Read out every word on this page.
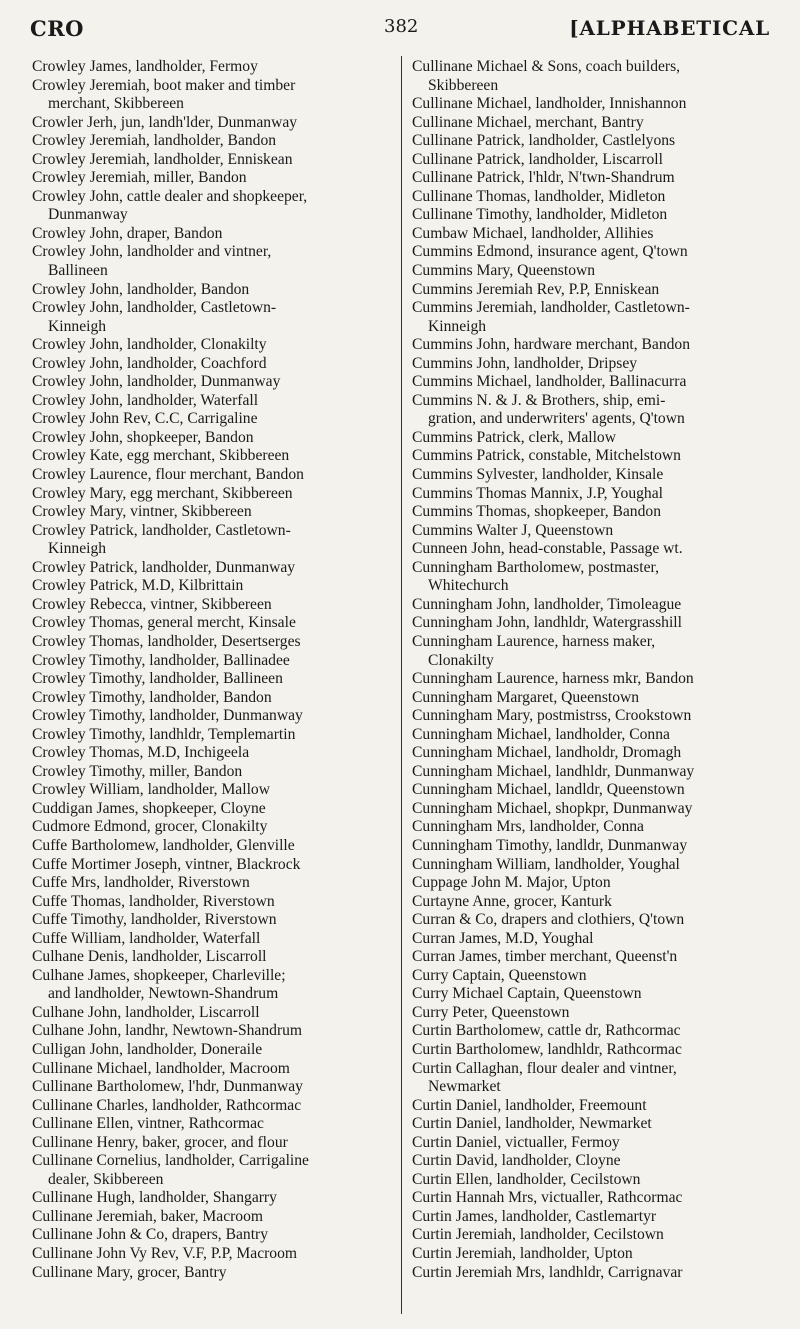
CRO	382	[ALPHABETICAL
Crowley James, landholder, Fermoy
Crowley Jeremiah, boot maker and timber
merchant, Skibbereen
Crowler Jerh, jun, landh'lder, Dunmanway
Crowley Jeremiah, landholder, Bandon
Crowley Jeremiah, landholder, Enniskean
Crowley Jeremiah, miller, Bandon
Crowley John, cattle dealer and shopkeeper,
Dunmanway
Crowley John, draper, Bandon
Crowley John, landholder and vintner,
Ballineen
Crowley John, landholder, Bandon
Crowley John, landholder, Castletown-
Kinneigh
Crowley John, landholder, Clonakilty
Crowley John, landholder, Coachford
Crowley John, landholder, Dunmanway
Crowley John, landholder, Waterfall
Crowley John Rev, C.C, Carrigaline
Crowley John, shopkeeper, Bandon
Crowley Kate, egg merchant, Skibbereen
Crowley Laurence, flour merchant, Bandon
Crowley Mary, egg merchant, Skibbereen
Crowley Mary, vintner, Skibbereen
Crowley Patrick, landholder, Castletown-
Kinneigh
Crowley Patrick, landholder, Dunmanway
Crowley Patrick, M.D, Kilbrittain
Crowley Rebecca, vintner, Skibbereen
Crowley Thomas, general mercht, Kinsale
Crowley Thomas, landholder, Desertserges
Crowley Timothy, landholder, Ballinadee
Crowley Timothy, landholder, Ballineen
Crowley Timothy, landholder, Bandon
Crowley Timothy, landholder, Dunmanway
Crowley Timothy, landhldr, Templemartin
Crowley Thomas, M.D, Inchigeela
Crowley Timothy, miller, Bandon
Crowley William, landholder, Mallow
Cuddigan James, shopkeeper, Cloyne
Cudmore Edmond, grocer, Clonakilty
Cuffe Bartholomew, landholder, Glenville
Cuffe Mortimer Joseph, vintner, Blackrock
Cuffe Mrs, landholder, Riverstown
Cuffe Thomas, landholder, Riverstown
Cuffe Timothy, landholder, Riverstown
Cuffe William, landholder, Waterfall
Culhane Denis, landholder, Liscarroll
Culhane James, shopkeeper, Charleville;
and landholder, Newtown-Shandrum
Culhane John, landholder, Liscarroll
Culhane John, landhr, Newtown-Shandrum
Culligan John, landholder, Doneraile
Cullinane Michael, landholder, Macroom
Cullinane Bartholomew, l'hdr, Dunmanway
Cullinane Charles, landholder, Rathcormac
Cullinane Ellen, vintner, Rathcormac
Cullinane Henry, baker, grocer, and flour
Cullinane Cornelius, landholder, Carrigaline
dealer, Skibbereen
Cullinane Hugh, landholder, Shangarry
Cullinane Jeremiah, baker, Macroom
Cullinane John & Co, drapers, Bantry
Cullinane John Vy Rev, V.F, P.P, Macroom
Cullinane Mary, grocer, Bantry
Cullinane Michael & Sons, coach builders,
Skibbereen
Cullinane Michael, landholder, Innishannon
Cullinane Michael, merchant, Bantry
Cullinane Patrick, landholder, Castlelyons
Cullinane Patrick, landholder, Liscarroll
Cullinane Patrick, l'hldr, N'twn-Shandrum
Cullinane Thomas, landholder, Midleton
Cullinane Timothy, landholder, Midleton
Cumbaw Michael, landholder, Allihies
Cummins Edmond, insurance agent, Q'town
Cummins Mary, Queenstown
Cummins Jeremiah Rev, P.P, Enniskean
Cummins Jeremiah, landholder, Castletown-
Kinneigh
Cummins John, hardware merchant, Bandon
Cummins John, landholder, Dripsey
Cummins Michael, landholder, Ballinacurra
Cummins N. & J. & Brothers, ship, emi-
gration, and underwriters' agents, Q'town
Cummins Patrick, clerk, Mallow
Cummins Patrick, constable, Mitchelstown
Cummins Sylvester, landholder, Kinsale
Cummins Thomas Mannix, J.P, Youghal
Cummins Thomas, shopkeeper, Bandon
Cummins Walter J, Queenstown
Cunneen John, head-constable, Passage wt.
Cunningham Bartholomew, postmaster,
Whitechurch
Cunningham John, landholder, Timoleague
Cunningham John, landhldr, Watergrasshill
Cunningham Laurence, harness maker,
Clonakilty
Cunningham Laurence, harness mkr, Bandon
Cunningham Margaret, Queenstown
Cunningham Mary, postmistrss, Crookstown
Cunningham Michael, landholder, Conna
Cunningham Michael, landholdr, Dromagh
Cunningham Michael, landhldr, Dunmanway
Cunningham Michael, landldr, Queenstown
Cunningham Michael, shopkpr, Dunmanway
Cunningham Mrs, landholder, Conna
Cunningham Timothy, landldr, Dunmanway
Cunningham William, landholder, Youghal
Cuppage John M. Major, Upton
Curtayne Anne, grocer, Kanturk
Curran & Co, drapers and clothiers, Q'town
Curran James, M.D, Youghal
Curran James, timber merchant, Queenst'n
Curry Captain, Queenstown
Curry Michael Captain, Queenstown
Curry Peter, Queenstown
Curtin Bartholomew, cattle dr, Rathcormac
Curtin Bartholomew, landhldr, Rathcormac
Curtin Callaghan, flour dealer and vintner,
Newmarket
Curtin Daniel, landholder, Freemount
Curtin Daniel, landholder, Newmarket
Curtin Daniel, victualler, Fermoy
Curtin David, landholder, Cloyne
Curtin Ellen, landholder, Cecilstown
Curtin Hannah Mrs, victualler, Rathcormac
Curtin James, landholder, Castlemartyr
Curtin Jeremiah, landholder, Cecilstown
Curtin Jeremiah, landholder, Upton
Curtin Jeremiah Mrs, landhldr, Carrignavar
